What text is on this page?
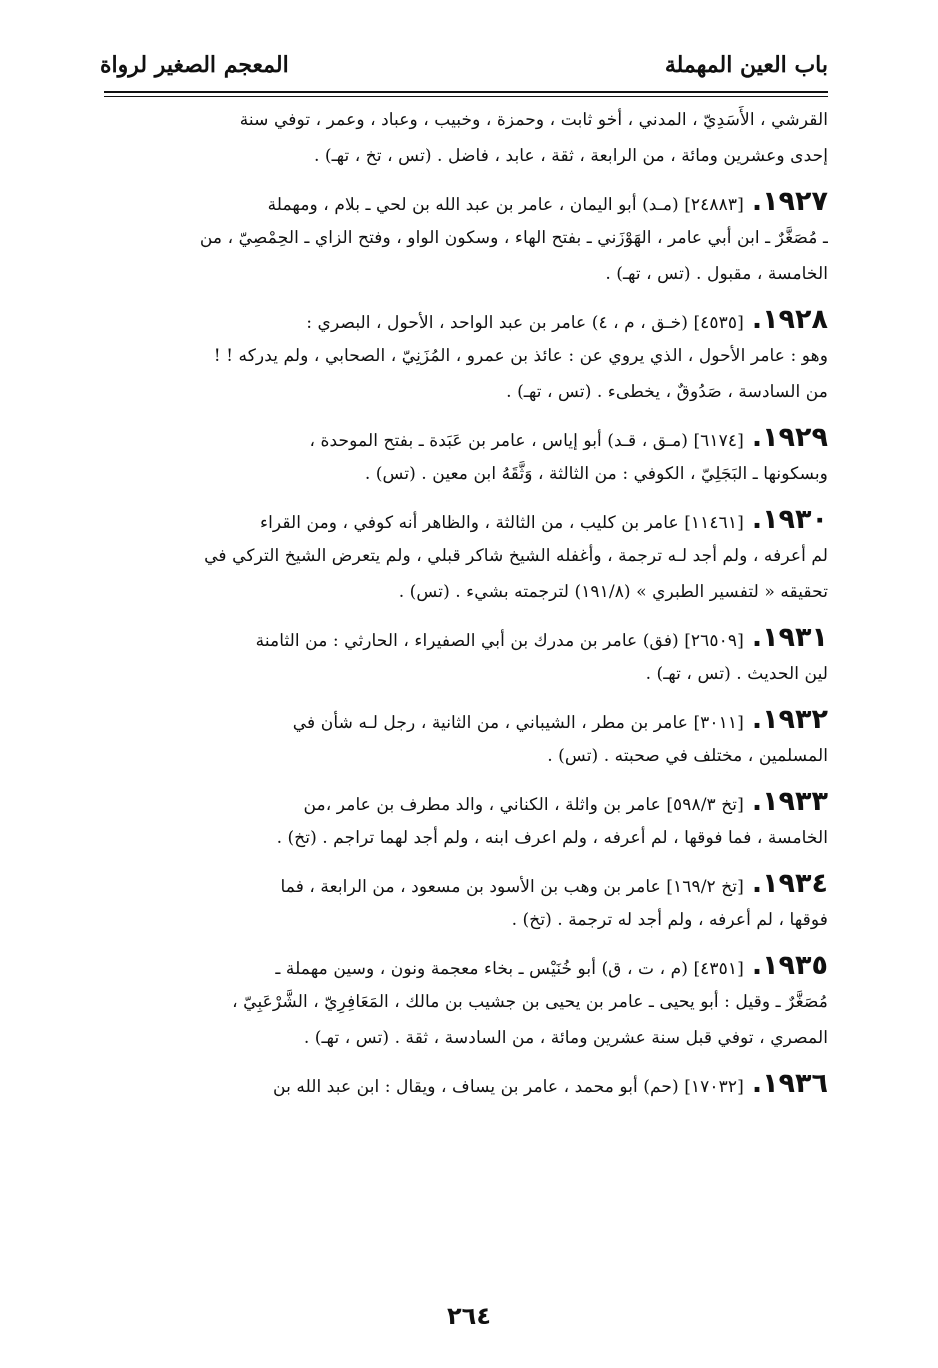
باب العين المهملة
المعجم الصغير لرواة
القرشي ، الأَسَدِيّ ، المدني ، أخو ثابت ، وحمزة ، وخبيب ، وعباد ، وعمر ، توفي سنة
إحدى وعشرين ومائة ، من الرابعة ، ثقة ، عابد ، فاضل . (تس ، تخ ، تهـ) .
١٩٢٧.[٢٤٨٨٣] (مـد) أبو اليمان ، عامر بن عبد الله بن لحي ـ بلام ، ومهملة
ـ مُصَغَّرٌ ـ ابن أبي عامر ، الهَوْزَني ـ بفتح الهاء ، وسكون الواو ، وفتح الزاي ـ الحِمْصِيّ ، من
الخامسة ، مقبول . (تس ، تهـ) .
١٩٢٨.[٤٥٣٥] (خـق ، م ، ٤) عامر بن عبد الواحد ، الأحول ، البصري :
وهو : عامر الأحول ، الذي يروي عن : عائذ بن عمرو ، المُزَنِيّ ، الصحابي ، ولم يدركه ! !
من السادسة ، صَدُوقٌ ، يخطىء . (تس ، تهـ) .
١٩٢٩.[٦١٧٤] (مـق ، قـد) أبو إياس ، عامر بن عَبَدة ـ بفتح الموحدة ،
وبسكونها ـ البَجَلِيّ ، الكوفي : من الثالثة ، وَثَّقَهُ ابن معين . (تس) .
١٩٣٠.[١١٤٦١] عامر بن كليب ، من الثالثة ، والظاهر أنه كوفي ، ومن القراء
لم أعرفه ، ولم أجد لـه ترجمة ، وأغفله الشيخ شاكر قبلي ، ولم يتعرض الشيخ التركي في
تحقيقه « لتفسير الطبري » (١٩١/٨) لترجمته بشيء . (تس) .
١٩٣١.[٢٦٥٠٩] (فق) عامر بن مدرك بن أبي الصفيراء ، الحارثي : من الثامنة
لين الحديث . (تس ، تهـ) .
١٩٣٢.[٣٠١١] عامر بن مطر ، الشيباني ، من الثانية ، رجل لـه شأن في
المسلمين ، مختلف في صحبته . (تس) .
١٩٣٣.[تخ ٥٩٨/٣] عامر بن واثلة ، الكناني ، والد مطرف بن عامر ،من
الخامسة ، فما فوقها ، لم أعرفه ، ولم اعرف ابنه ، ولم أجد لهما تراجم . (تخ) .
١٩٣٤.[تخ ١٦٩/٢] عامر بن وهب بن الأسود بن مسعود ، من الرابعة ، فما
فوقها ، لم أعرفه ، ولم أجد له ترجمة . (تخ) .
١٩٣٥.[٤٣٥١] (م ، ت ، ق) أبو خُنَيْس ـ بخاء معجمة ونون ، وسين مهملة ـ
مُصَغَّرٌ ـ وقيل : أبو يحيى ـ عامر بن يحيى بن جشيب بن مالك ، المَعَافِرِيّ ، الشَّرْعَبِيّ ،
المصري ، توفي قبل سنة عشرين ومائة ، من السادسة ، ثقة . (تس ، تهـ) .
١٩٣٦.[١٧٠٣٢] (حم) أبو محمد ، عامر بن يساف ، ويقال : ابن عبد الله بن
٢٦٤
